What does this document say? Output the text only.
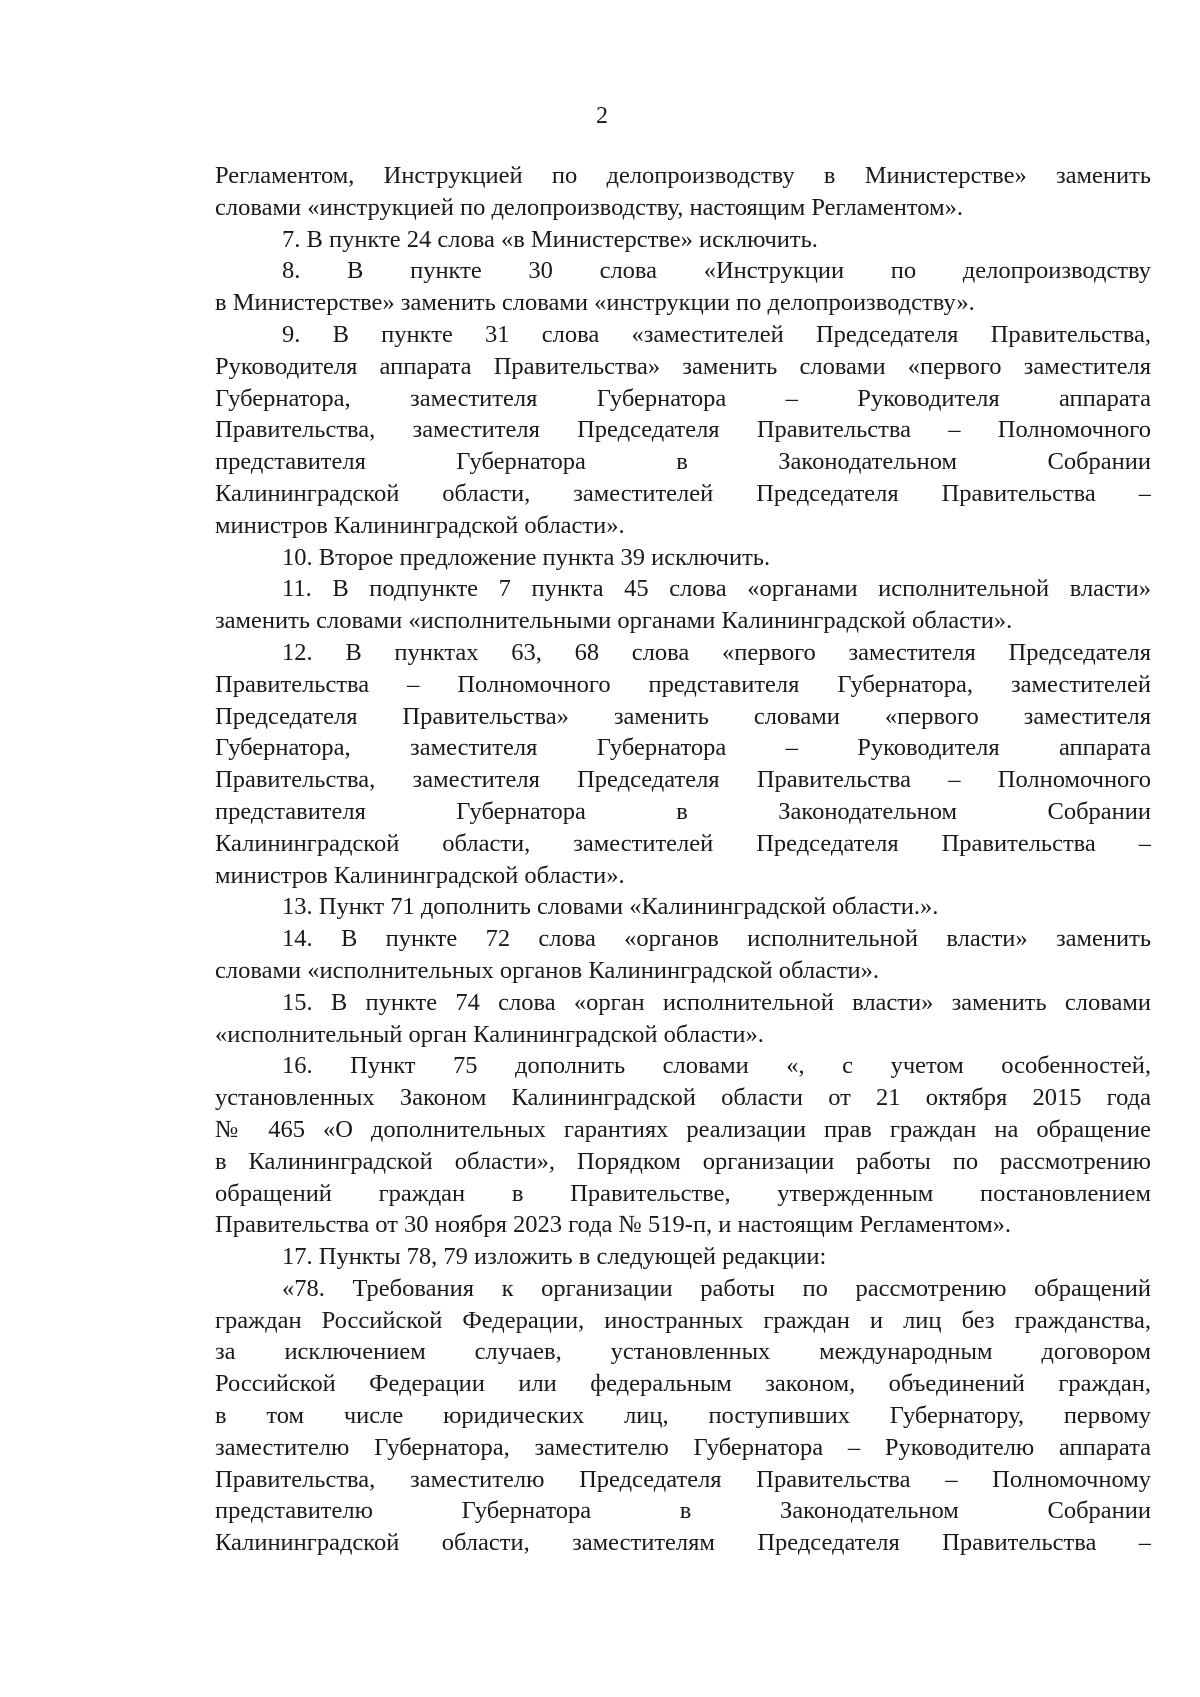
2
Регламентом, Инструкцией по делопроизводству в Министерстве» заменить
словами «инструкцией по делопроизводству, настоящим Регламентом».
7. В пункте 24 слова «в Министерстве» исключить.
8. В пункте 30 слова «Инструкции по делопроизводству
в Министерстве» заменить словами «инструкции по делопроизводству».
9. В пункте 31 слова «заместителей Председателя Правительства,
Руководителя аппарата Правительства» заменить словами «первого заместителя
Губернатора, заместителя Губернатора – Руководителя аппарата
Правительства, заместителя Председателя Правительства – Полномочного
представителя Губернатора в Законодательном Собрании
Калининградской области, заместителей Председателя Правительства –
министров Калининградской области».
10. Второе предложение пункта 39 исключить.
11. В подпункте 7 пункта 45 слова «органами исполнительной власти»
заменить словами «исполнительными органами Калининградской области».
12. В пунктах 63, 68 слова «первого заместителя Председателя
Правительства – Полномочного представителя Губернатора, заместителей
Председателя Правительства» заменить словами «первого заместителя
Губернатора, заместителя Губернатора – Руководителя аппарата
Правительства, заместителя Председателя Правительства – Полномочного
представителя Губернатора в Законодательном Собрании
Калининградской области, заместителей Председателя Правительства –
министров Калининградской области».
13. Пункт 71 дополнить словами «Калининградской области.».
14. В пункте 72 слова «органов исполнительной власти» заменить
словами «исполнительных органов Калининградской области».
15. В пункте 74 слова «орган исполнительной власти» заменить словами
«исполнительный орган Калининградской области».
16. Пункт 75 дополнить словами «, с учетом особенностей,
установленных Законом Калининградской области от 21 октября 2015 года
№ 465 «О дополнительных гарантиях реализации прав граждан на обращение
в Калининградской области», Порядком организации работы по рассмотрению
обращений граждан в Правительстве, утвержденным постановлением
Правительства от 30 ноября 2023 года № 519-п, и настоящим Регламентом».
17. Пункты 78, 79 изложить в следующей редакции:
«78. Требования к организации работы по рассмотрению обращений
граждан Российской Федерации, иностранных граждан и лиц без гражданства,
за исключением случаев, установленных международным договором
Российской Федерации или федеральным законом, объединений граждан,
в том числе юридических лиц, поступивших Губернатору, первому
заместителю Губернатора, заместителю Губернатора – Руководителю аппарата
Правительства, заместителю Председателя Правительства – Полномочному
представителю Губернатора в Законодательном Собрании
Калининградской области, заместителям Председателя Правительства –
